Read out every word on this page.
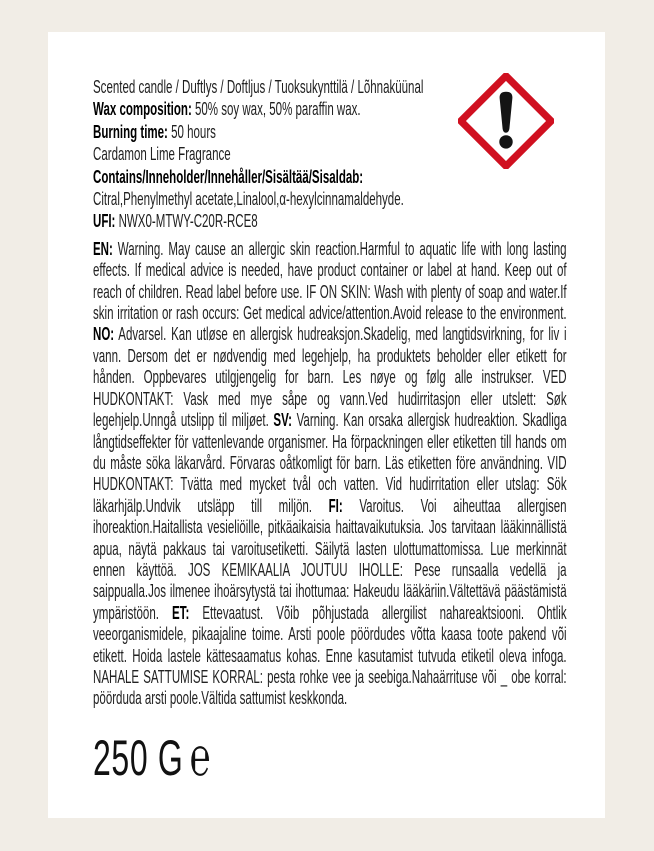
Scented candle / Duftlys / Doftljus / Tuoksukynttilä / Lõhnaküünal
Wax composition: 50% soy wax, 50% paraffin wax.
Burning time: 50 hours
Cardamon Lime Fragrance
Contains/Inneholder/Innehåller/Sisältää/Sisaldab:
Citral,Phenylmethyl acetate,Linalool,α-hexylcinnamaldehyde.
UFI: NWX0-MTWY-C20R-RCE8

EN: Warning. May cause an allergic skin reaction.Harmful to aquatic life with long lasting effects. If medical advice is needed, have product container or label at hand. Keep out of reach of children. Read label before use. IF ON SKIN: Wash with plenty of soap and water.If skin irritation or rash occurs: Get medical advice/attention.Avoid release to the environment. NO: Advarsel. Kan utløse en allergisk hudreaksjon.Skadelig, med langtidsvirkning, for liv i vann. Dersom det er nødvendig med legehjelp, ha produktets beholder eller etikett for hånden. Oppbevares utilgjengelig for barn. Les nøye og følg alle instrukser. VED HUDKONTAKT: Vask med mye såpe og vann.Ved hudirritasjon eller utslett: Søk legehjelp.Unngå utslipp til miljøet. SV: Varning. Kan orsaka allergisk hudreaktion. Skadliga långtidseffekter för vattenlevande organismer. Ha förpackningen eller etiketten till hands om du måste söka läkarvård. Förvaras oåtkomligt för barn. Läs etiketten före användning. VID HUDKONTAKT: Tvätta med mycket tvål och vatten. Vid hudirritation eller utslag: Sök läkarhjälp.Undvik utsläpp till miljön. FI: Varoitus. Voi aiheuttaa allergisen ihoreaktion.Haitallista vesieliöille, pitkäaikaisia haittavaikutuksia. Jos tarvitaan lääkinnällistä apua, näytä pakkaus tai varoitusetiketti. Säilytä lasten ulottumattomissa. Lue merkinnät ennen käyttöä. JOS KEMIKAALIA JOUTUU IHOLLE: Pese runsaalla vedellä ja saippualla.Jos ilmenee ihoärsytystä tai ihottumaa: Hakeudu lääkäriin.Vältettävä päästämistä ympäristöön. ET: Ettevaatust. Võib põhjustada allergilist nahareaktsiooni. Ohtlik veeorganismidele, pikaajaline toime. Arsti poole pöördudes võtta kaasa toote pakend või etikett. Hoida lastele kättesaamatus kohas. Enne kasutamist tutvuda etiketil oleva infoga. NAHALE SATTUMISE KORRAL: pesta rohke vee ja seebiga.Nahaärrituse või _ obe korral: pöörduda arsti poole.Vältida sattumist keskkonda.

250 G ℮
